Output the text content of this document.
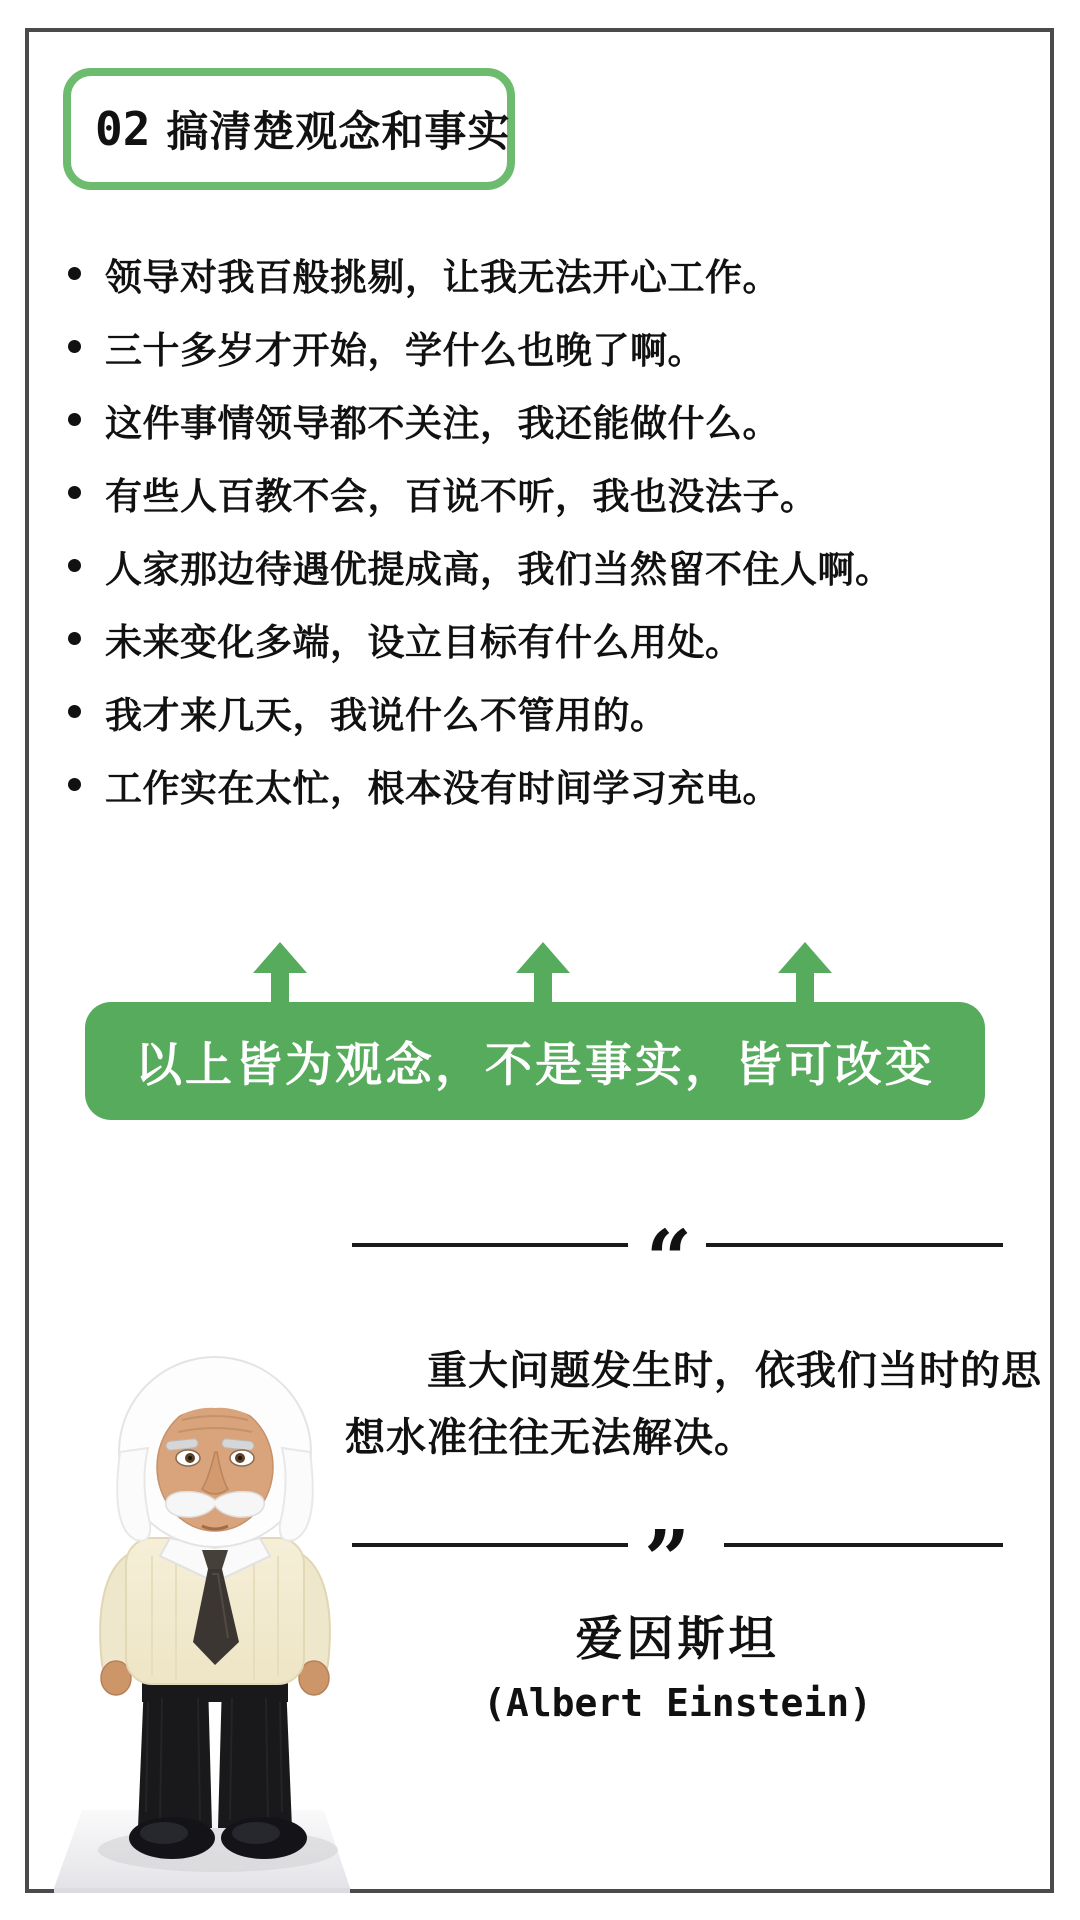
02 搞清楚观念和事实
领导对我百般挑剔，让我无法开心工作。
三十多岁才开始，学什么也晚了啊。
这件事情领导都不关注，我还能做什么。
有些人百教不会，百说不听，我也没法子。
人家那边待遇优提成高，我们当然留不住人啊。
未来变化多端，设立目标有什么用处。
我才来几天，我说什么不管用的。
工作实在太忙，根本没有时间学习充电。
以上皆为观念，不是事实，皆可改变
“
重大问题发生时，依我们当时的思
想水准往往无法解决。
”
爱因斯坦
(Albert Einstein)
